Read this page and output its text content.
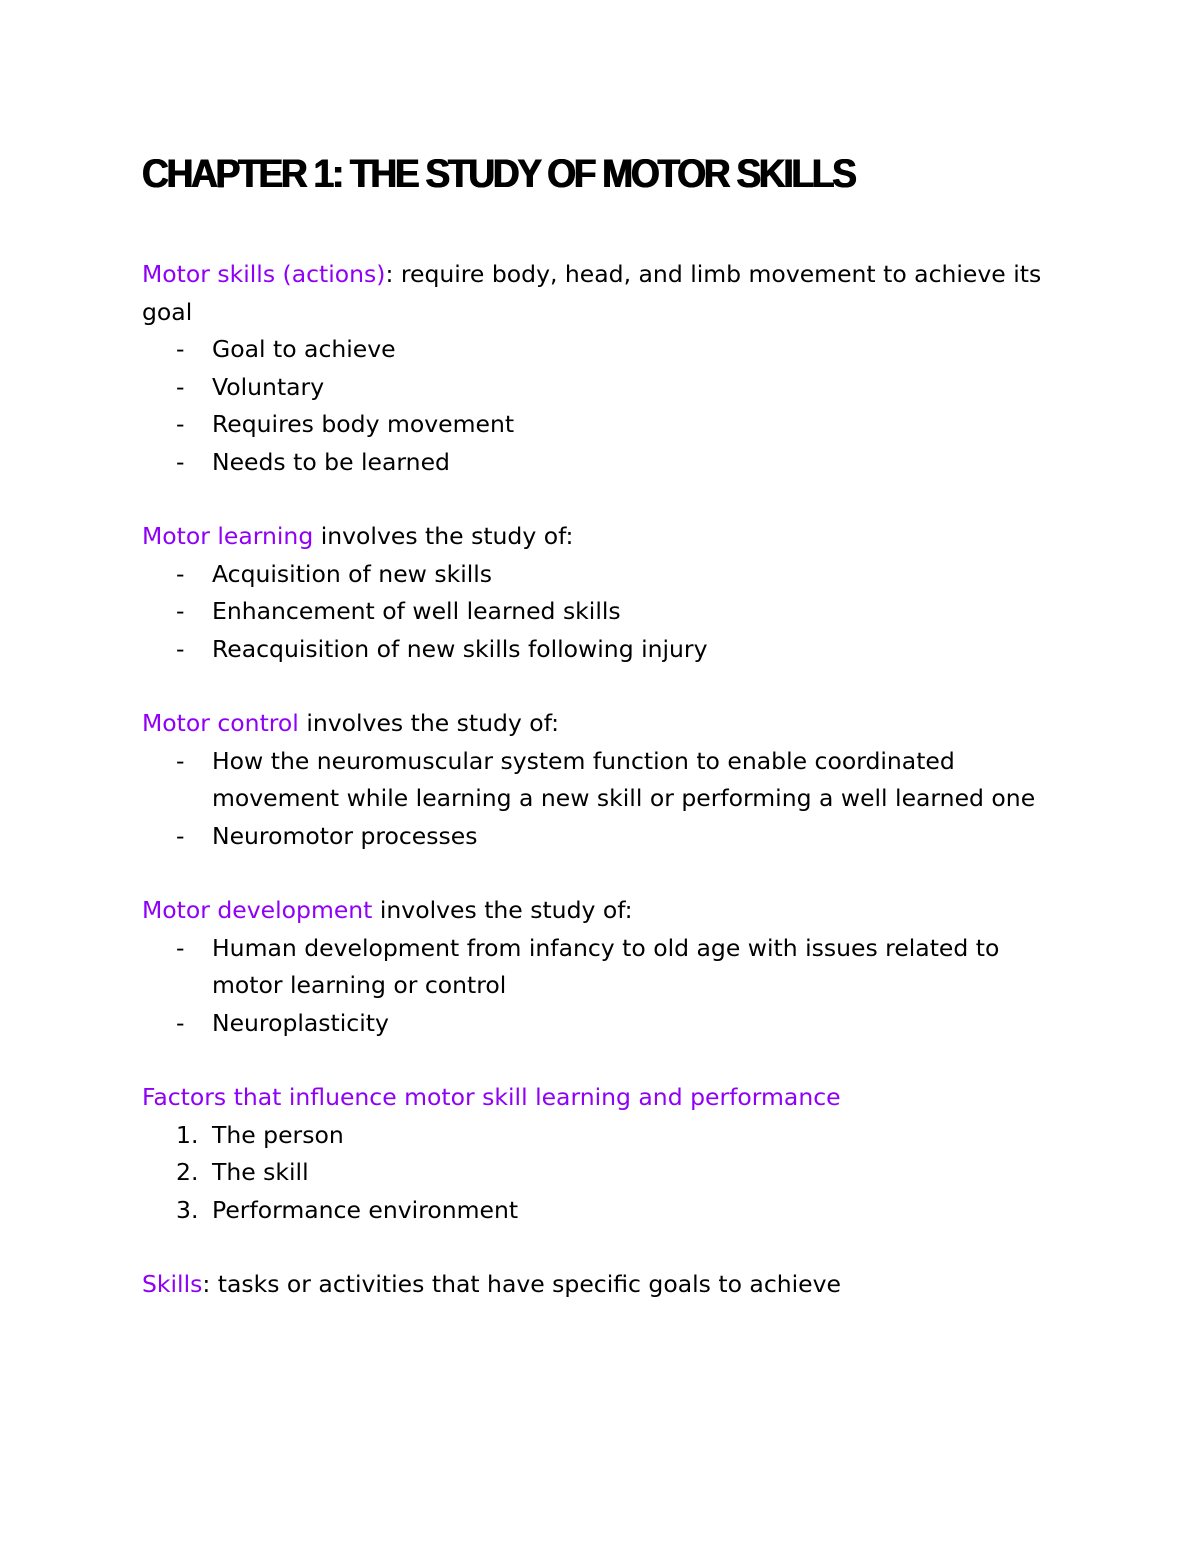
CHAPTER 1: THE STUDY OF MOTOR SKILLS

Motor skills (actions): require body, head, and limb movement to achieve its goal

- Goal to achieve
- Voluntary
- Requires body movement
- Needs to be learned

Motor learning involves the study of:

- Acquisition of new skills
- Enhancement of well learned skills
- Reacquisition of new skills following injury

Motor control involves the study of:

- How the neuromuscular system function to enable coordinated movement while learning a new skill or performing a well learned one
- Neuromotor processes

Motor development involves the study of:

- Human development from infancy to old age with issues related to motor learning or control
- Neuroplasticity

Factors that influence motor skill learning and performance

1. The person
2. The skill
3. Performance environment

Skills: tasks or activities that have specific goals to achieve
